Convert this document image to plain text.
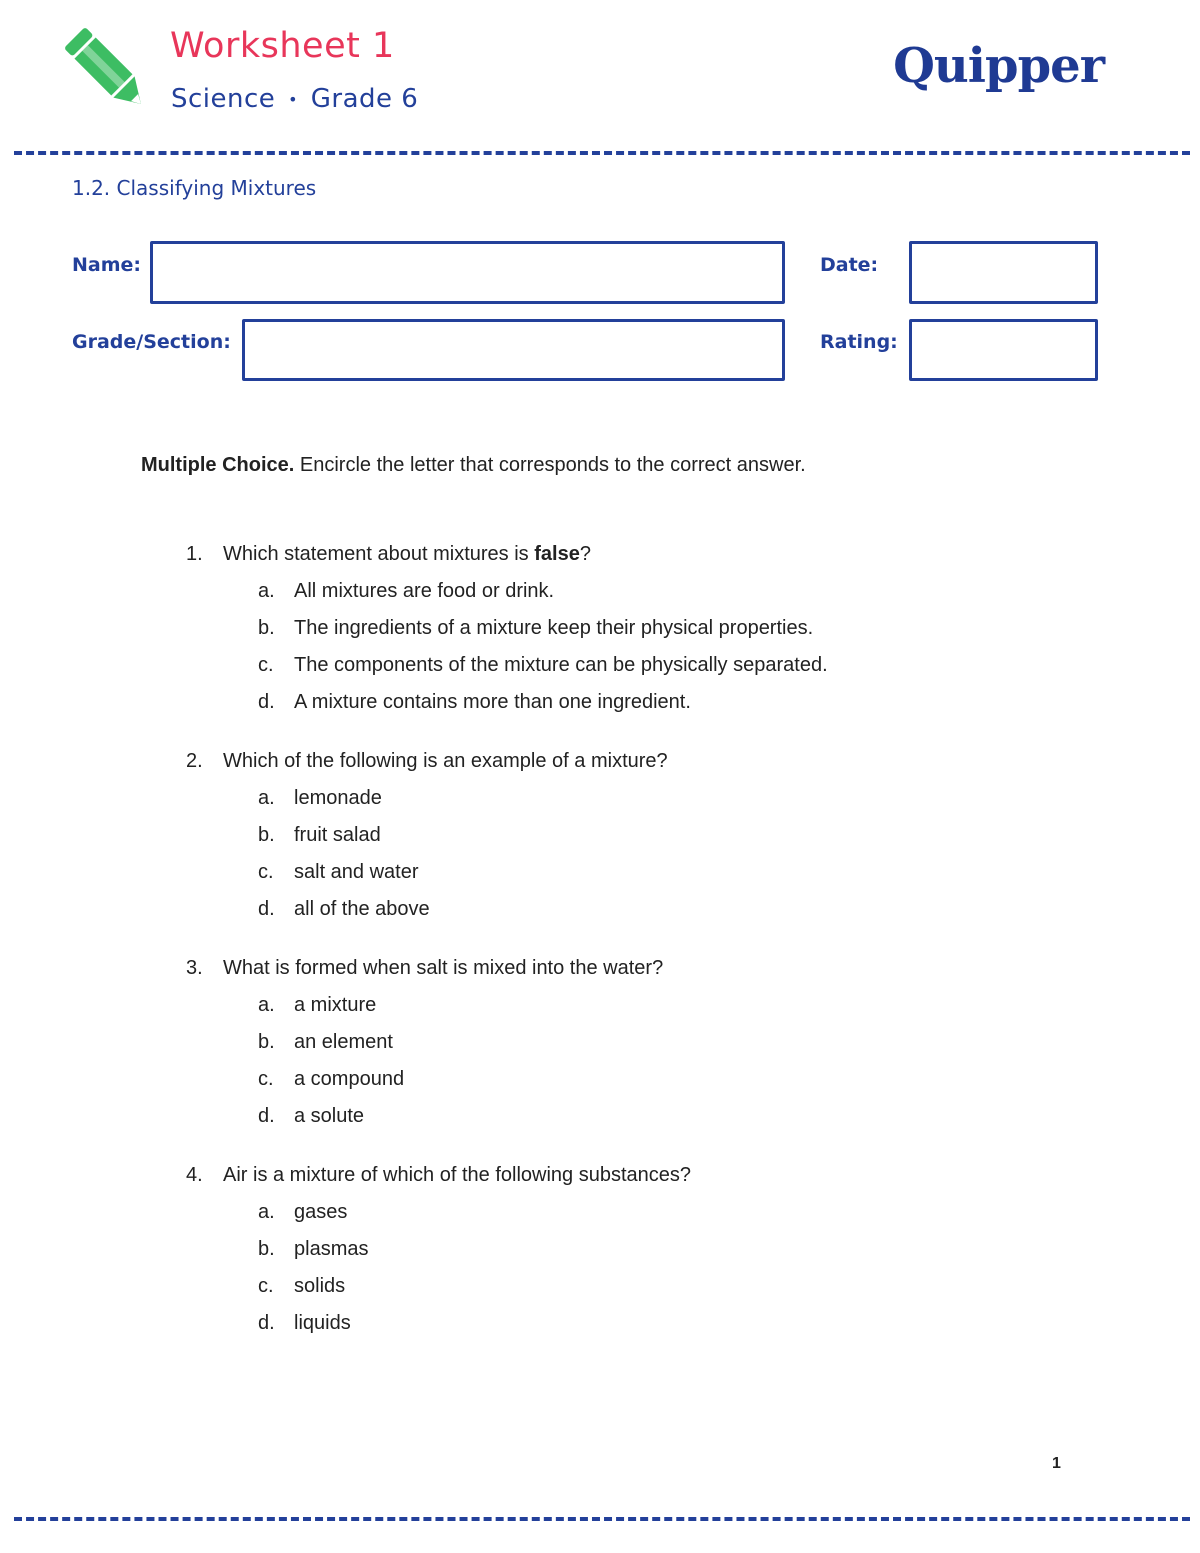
Worksheet 1
Science • Grade 6
Quipper
1.2. Classifying Mixtures
Name:	Date:
Grade/Section:	Rating:
Multiple Choice. Encircle the letter that corresponds to the correct answer.
1.	Which statement about mixtures is false?
a. All mixtures are food or drink.
b. The ingredients of a mixture keep their physical properties.
c.	The components of the mixture can be physically separated.
d. A mixture contains more than one ingredient.
2.	Which of the following is an example of a mixture?
a. lemonade
b. fruit salad
c.	salt and water
d. all of the above
3.	What is formed when salt is mixed into the water?
a. a mixture
b. an element
c.	a compound
d. a solute
4.	Air is a mixture of which of the following substances?
a. gases
b. plasmas
c.	solids
d. liquids
1
